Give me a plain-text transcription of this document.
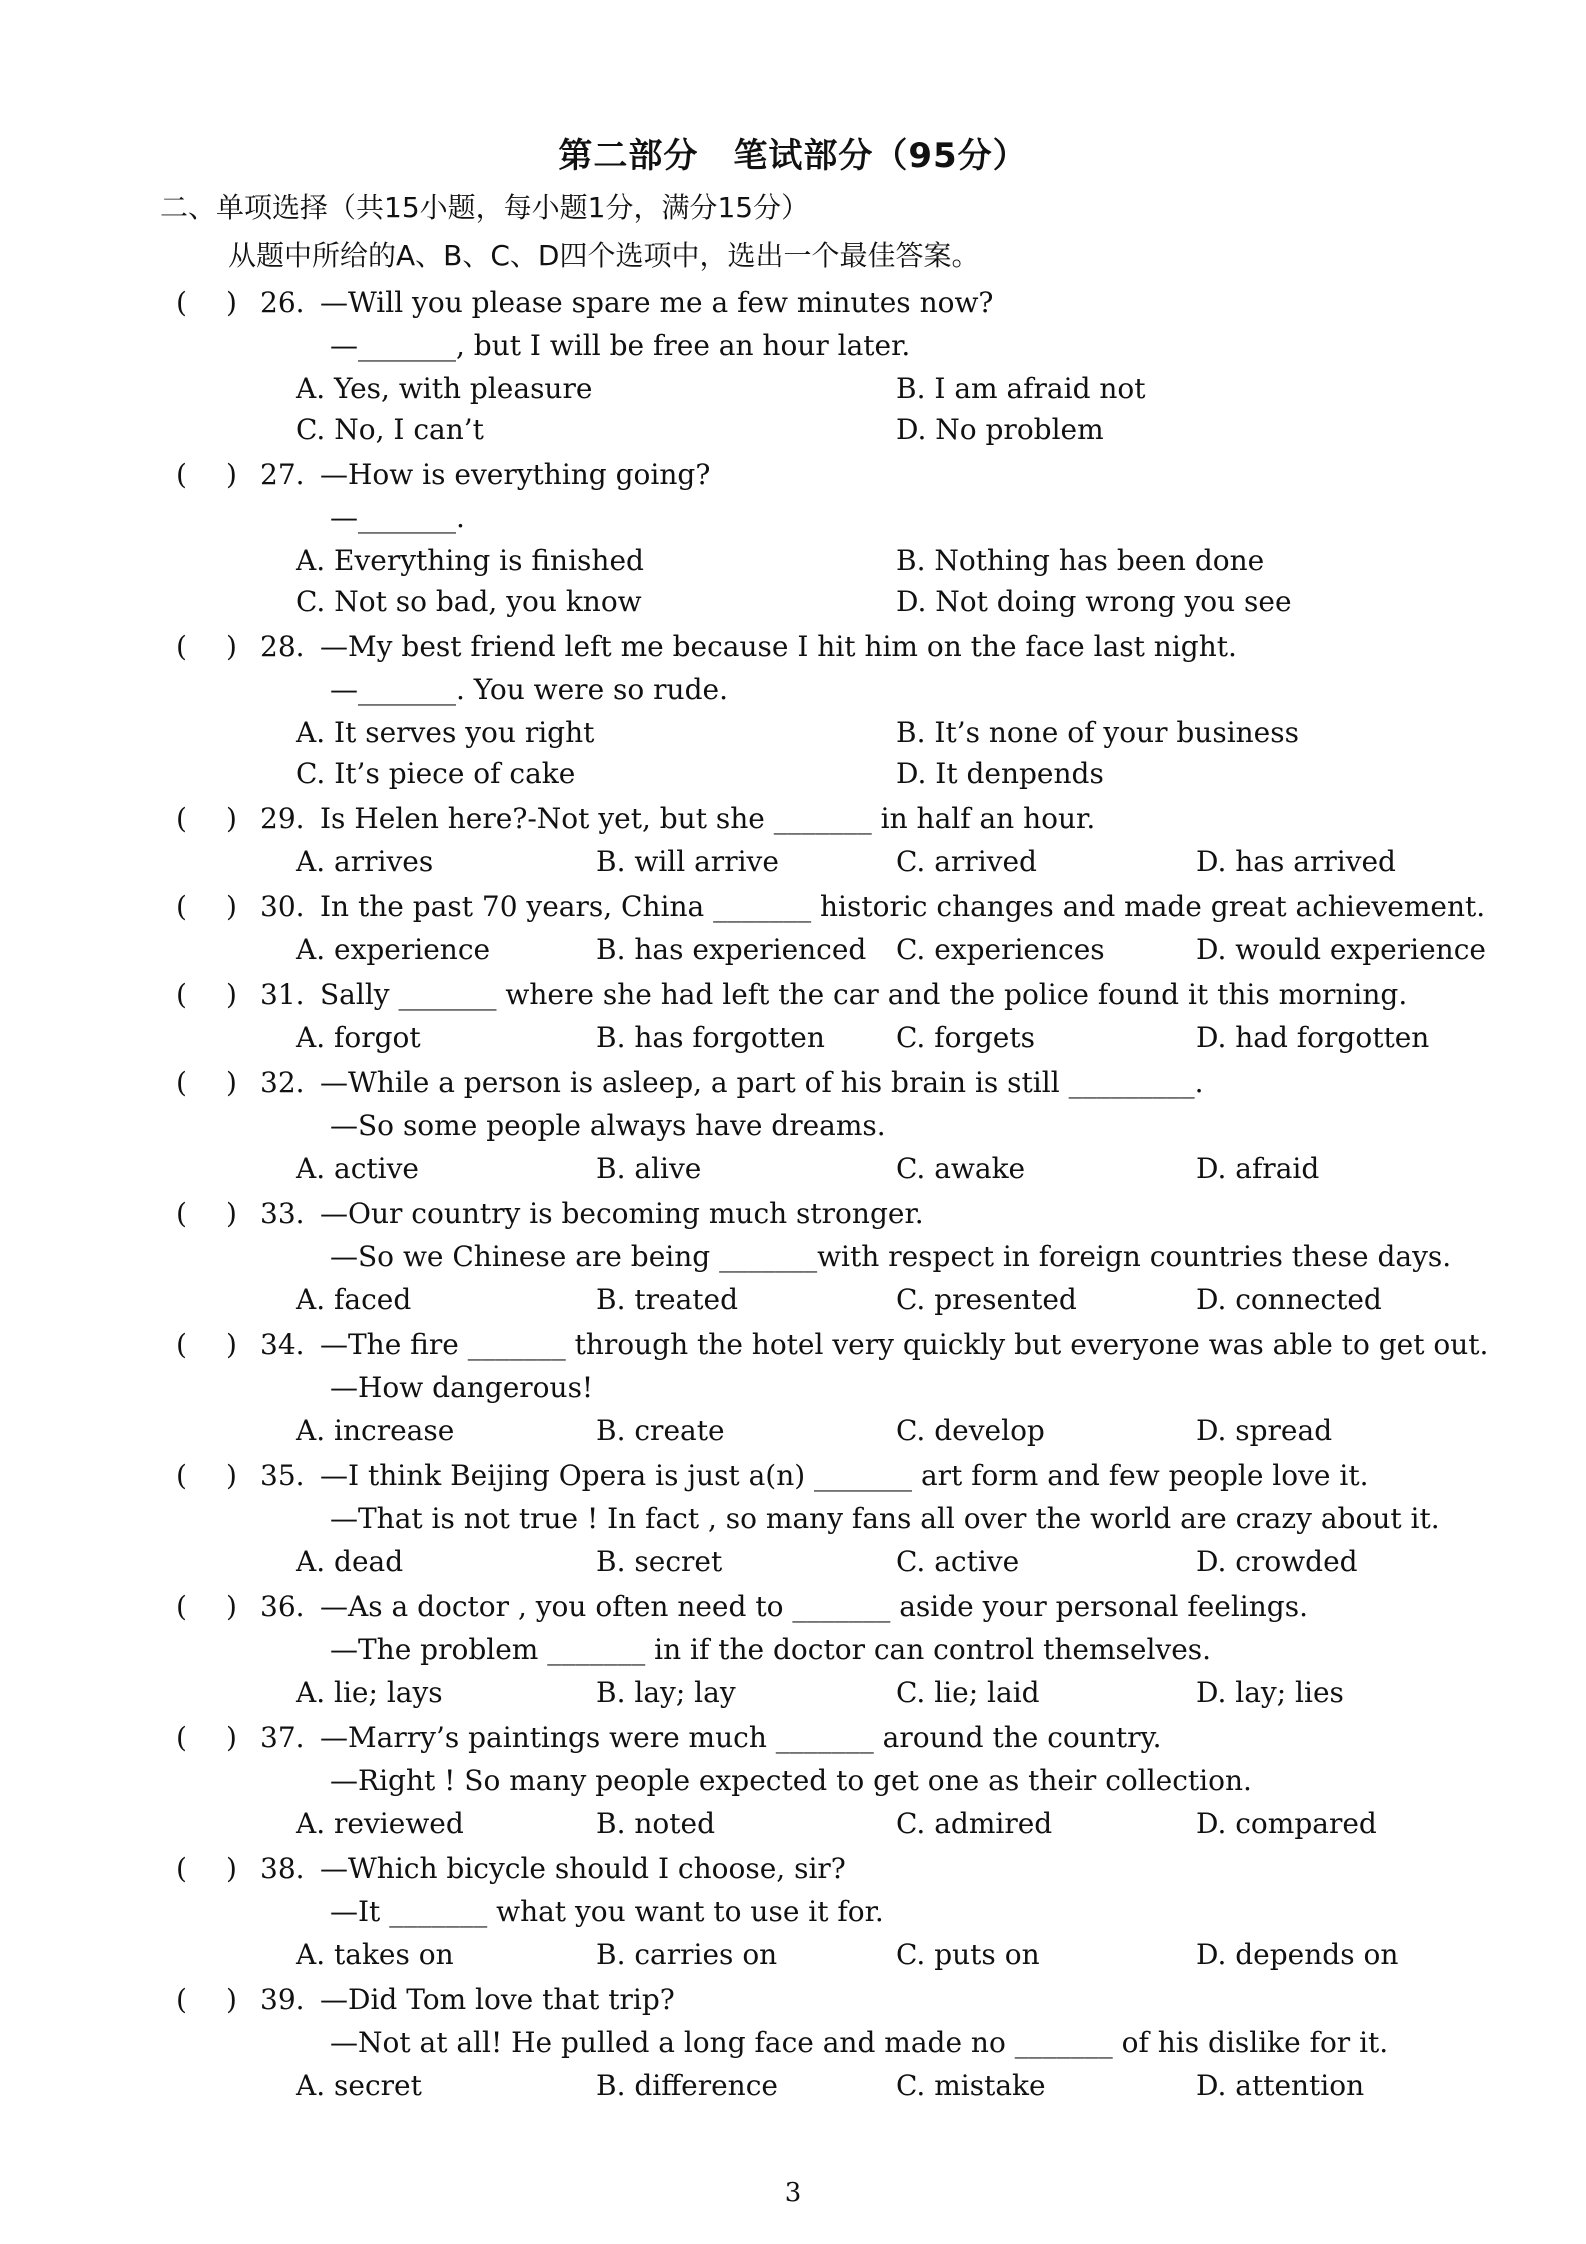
第二部分　笔试部分（95分）
二、单项选择（共15小题，每小题1分，满分15分）
从题中所给的A、B、C、D四个选项中，选出一个最佳答案。
( ) 26. —Will you please spare me a few minutes now?
—_______, but I will be free an hour later.
A. Yes, with pleasure	B. I am afraid not
C. No, I can’t	D. No problem
( ) 27. —How is everything going?
—_______.
A. Everything is finished	B. Nothing has been done
C. Not so bad, you know	D. Not doing wrong you see
( ) 28. —My best friend left me because I hit him on the face last night.
—_______. You were so rude.
A. It serves you right	B. It’s none of your business
C. It’s piece of cake	D. It denpends
( ) 29. Is Helen here?-Not yet, but she _______ in half an hour.
A. arrives	B. will arrive	C. arrived	D. has arrived
( ) 30. In the past 70 years, China _______ historic changes and made great achievement.
A. experience	B. has experienced C. experiences	D. would experience
( ) 31. Sally _______ where she had left the car and the police found it this morning.
A. forgot	B. has forgotten	C. forgets	D. had forgotten
( ) 32. —While a person is asleep, a part of his brain is still _________.
—So some people always have dreams.
A. active	B. alive	C. awake	D. afraid
( ) 33. —Our country is becoming much stronger.
—So we Chinese are being _______with respect in foreign countries these days.
A. faced	B. treated	C. presented	D. connected
( ) 34. —The fire _______ through the hotel very quickly but everyone was able to get out.
—How dangerous!
A. increase	B. create	C. develop	D. spread
( ) 35. —I think Beijing Opera is just a(n) _______ art form and few people love it.
—That is not true ! In fact , so many fans all over the world are crazy about it.
A. dead	B. secret	C. active	D. crowded
( ) 36. —As a doctor , you often need to _______ aside your personal feelings.
—The problem _______ in if the doctor can control themselves.
A. lie; lays	B. lay; lay	C. lie; laid	D. lay; lies
( ) 37. —Marry’s paintings were much _______ around the country.
—Right ! So many people expected to get one as their collection.
A. reviewed	B. noted	C. admired	D. compared
( ) 38. —Which bicycle should I choose, sir?
—It _______ what you want to use it for.
A. takes on	B. carries on	C. puts on	D. depends on
( ) 39. —Did Tom love that trip?
—Not at all! He pulled a long face and made no _______ of his dislike for it.
A. secret	B. difference	C. mistake	D. attention
3
